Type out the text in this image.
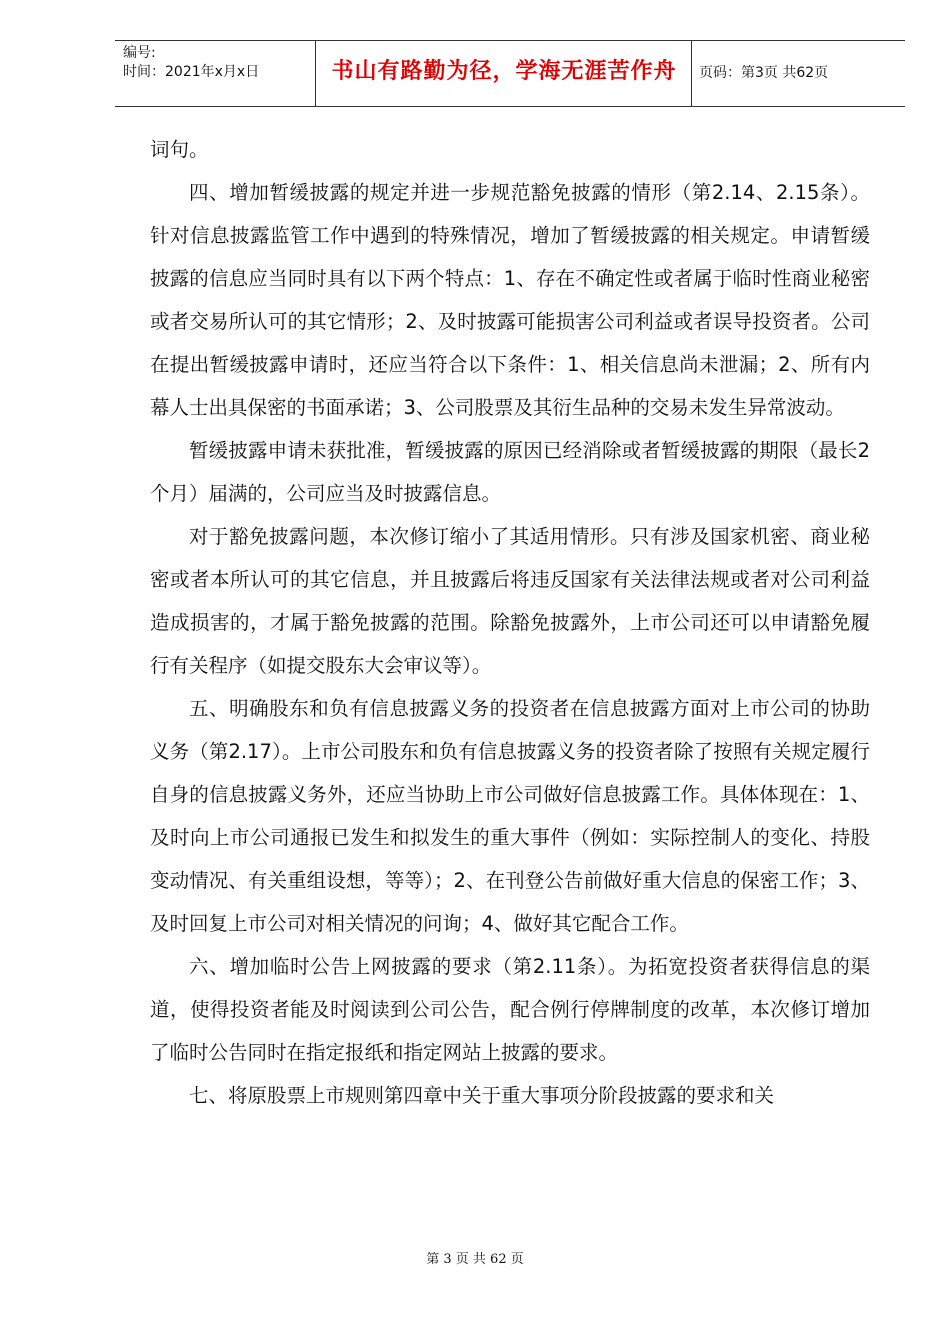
编号:
时间：2021年x月x日	书山有路勤为径，学海无涯苦作舟	页码：第3页 共62页

词句。

四、增加暂缓披露的规定并进一步规范豁免披露的情形（第2.14、2.15条）。针对信息披露监管工作中遇到的特殊情况，增加了暂缓披露的相关规定。申请暂缓披露的信息应当同时具有以下两个特点：1、存在不确定性或者属于临时性商业秘密或者交易所认可的其它情形；2、及时披露可能损害公司利益或者误导投资者。公司在提出暂缓披露申请时，还应当符合以下条件：1、相关信息尚未泄漏；2、所有内幕人士出具保密的书面承诺；3、公司股票及其衍生品种的交易未发生异常波动。

暂缓披露申请未获批准，暂缓披露的原因已经消除或者暂缓披露的期限（最长2个月）届满的，公司应当及时披露信息。

对于豁免披露问题，本次修订缩小了其适用情形。只有涉及国家机密、商业秘密或者本所认可的其它信息，并且披露后将违反国家有关法律法规或者对公司利益造成损害的，才属于豁免披露的范围。除豁免披露外，上市公司还可以申请豁免履行有关程序（如提交股东大会审议等）。

五、明确股东和负有信息披露义务的投资者在信息披露方面对上市公司的协助义务（第2.17）。上市公司股东和负有信息披露义务的投资者除了按照有关规定履行自身的信息披露义务外，还应当协助上市公司做好信息披露工作。具体体现在：1、及时向上市公司通报已发生和拟发生的重大事件（例如：实际控制人的变化、持股变动情况、有关重组设想，等等）；2、在刊登公告前做好重大信息的保密工作；3、及时回复上市公司对相关情况的问询；4、做好其它配合工作。

六、增加临时公告上网披露的要求（第2.11条）。为拓宽投资者获得信息的渠道，使得投资者能及时阅读到公司公告，配合例行停牌制度的改革，本次修订增加了临时公告同时在指定报纸和指定网站上披露的要求。

七、将原股票上市规则第四章中关于重大事项分阶段披露的要求和关

第 3 页 共 62 页
